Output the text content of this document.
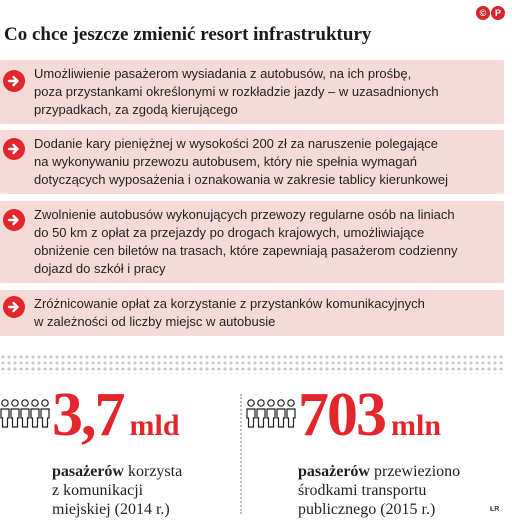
Co chce jeszcze zmienić resort infrastruktury
© P
Umożliwienie pasażerom wysiadania z autobusów, na ich prośbę,
poza przystankami określonymi w rozkładzie jazdy – w uzasadnionych
przypadkach, za zgodą kierującego
Dodanie kary pieniężnej w wysokości 200 zł za naruszenie polegające
na wykonywaniu przewozu autobusem, który nie spełnia wymagań
dotyczących wyposażenia i oznakowania w zakresie tablicy kierunkowej
Zwolnienie autobusów wykonujących przewozy regularne osób na liniach
do 50 km z opłat za przejazdy po drogach krajowych, umożliwiające
obniżenie cen biletów na trasach, które zapewniają pasażerom codzienny
dojazd do szkół i pracy
Zróżnicowanie opłat za korzystanie z przystanków komunikacyjnych
w zależności od liczby miejsc w autobusie
3,7 mld
pasażerów korzysta
z komunikacji
miejskiej (2014 r.)
703 mln
pasażerów przewieziono
środkami transportu
publicznego (2015 r.)	ŁR
